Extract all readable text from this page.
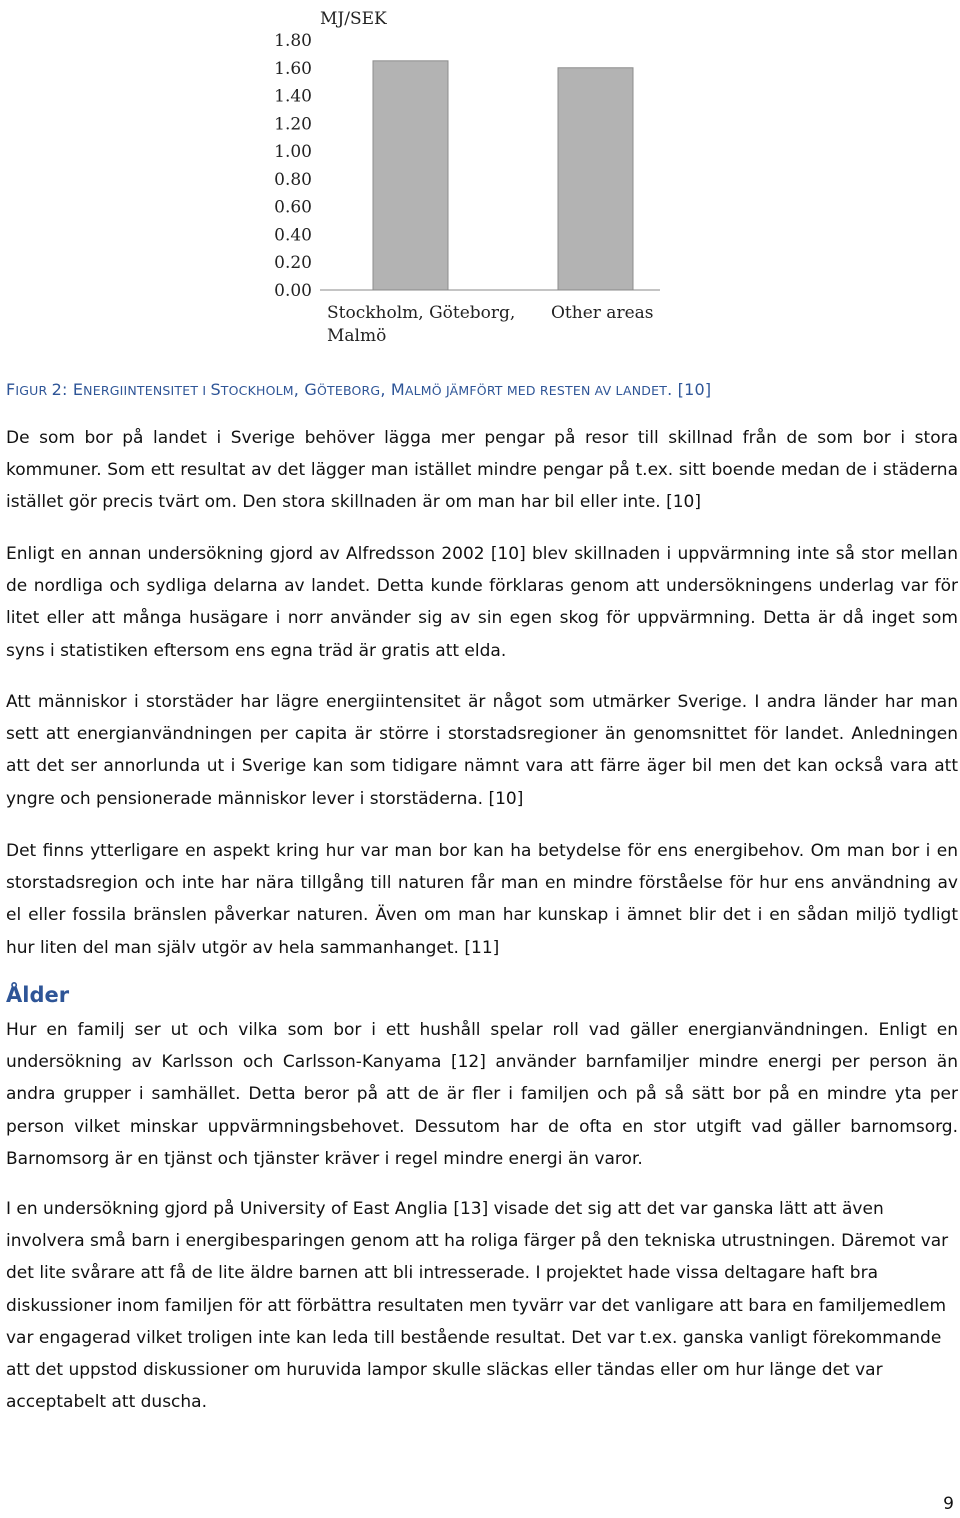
MJ/SEK
0.00
0.20
0.40
0.60
0.80
1.00
1.20
1.40
1.60
1.80
Stockholm, Göteborg,
Malmö
Other areas
FIGUR 2: ENERGIINTENSITET I STOCKHOLM, GÖTEBORG, MALMÖ JÄMFÖRT MED RESTEN AV LANDET. [10]

De som bor på landet i Sverige behöver lägga mer pengar på resor till skillnad från de som bor i stora kommuner. Som ett resultat av det lägger man istället mindre pengar på t.ex. sitt boende medan de i städerna istället gör precis tvärt om. Den stora skillnaden är om man har bil eller inte. [10]

Enligt en annan undersökning gjord av Alfredsson 2002 [10] blev skillnaden i uppvärmning inte så stor mellan de nordliga och sydliga delarna av landet. Detta kunde förklaras genom att undersökningens underlag var för litet eller att många husägare i norr använder sig av sin egen skog för uppvärmning. Detta är då inget som syns i statistiken eftersom ens egna träd är gratis att elda.

Att människor i storstäder har lägre energiintensitet är något som utmärker Sverige. I andra länder har man sett att energianvändningen per capita är större i storstadsregioner än genomsnittet för landet. Anledningen att det ser annorlunda ut i Sverige kan som tidigare nämnt vara att färre äger bil men det kan också vara att yngre och pensionerade människor lever i storstäderna. [10]

Det finns ytterligare en aspekt kring hur var man bor kan ha betydelse för ens energibehov. Om man bor i en storstadsregion och inte har nära tillgång till naturen får man en mindre förståelse för hur ens användning av el eller fossila bränslen påverkar naturen. Även om man har kunskap i ämnet blir det i en sådan miljö tydligt hur liten del man själv utgör av hela sammanhanget. [11]

Ålder

Hur en familj ser ut och vilka som bor i ett hushåll spelar roll vad gäller energianvändningen. Enligt en undersökning av Karlsson och Carlsson-Kanyama [12] använder barnfamiljer mindre energi per person än andra grupper i samhället. Detta beror på att de är fler i familjen och på så sätt bor på en mindre yta per person vilket minskar uppvärmningsbehovet. Dessutom har de ofta en stor utgift vad gäller barnomsorg. Barnomsorg är en tjänst och tjänster kräver i regel mindre energi än varor.

I en undersökning gjord på University of East Anglia [13] visade det sig att det var ganska lätt att även involvera små barn i energibesparingen genom att ha roliga färger på den tekniska utrustningen. Däremot var det lite svårare att få de lite äldre barnen att bli intresserade. I projektet hade vissa deltagare haft bra diskussioner inom familjen för att förbättra resultaten men tyvärr var det vanligare att bara en familjemedlem var engagerad vilket troligen inte kan leda till bestående resultat. Det var t.ex. ganska vanligt förekommande att det uppstod diskussioner om huruvida lampor skulle släckas eller tändas eller om hur länge det var acceptabelt att duscha.

9
